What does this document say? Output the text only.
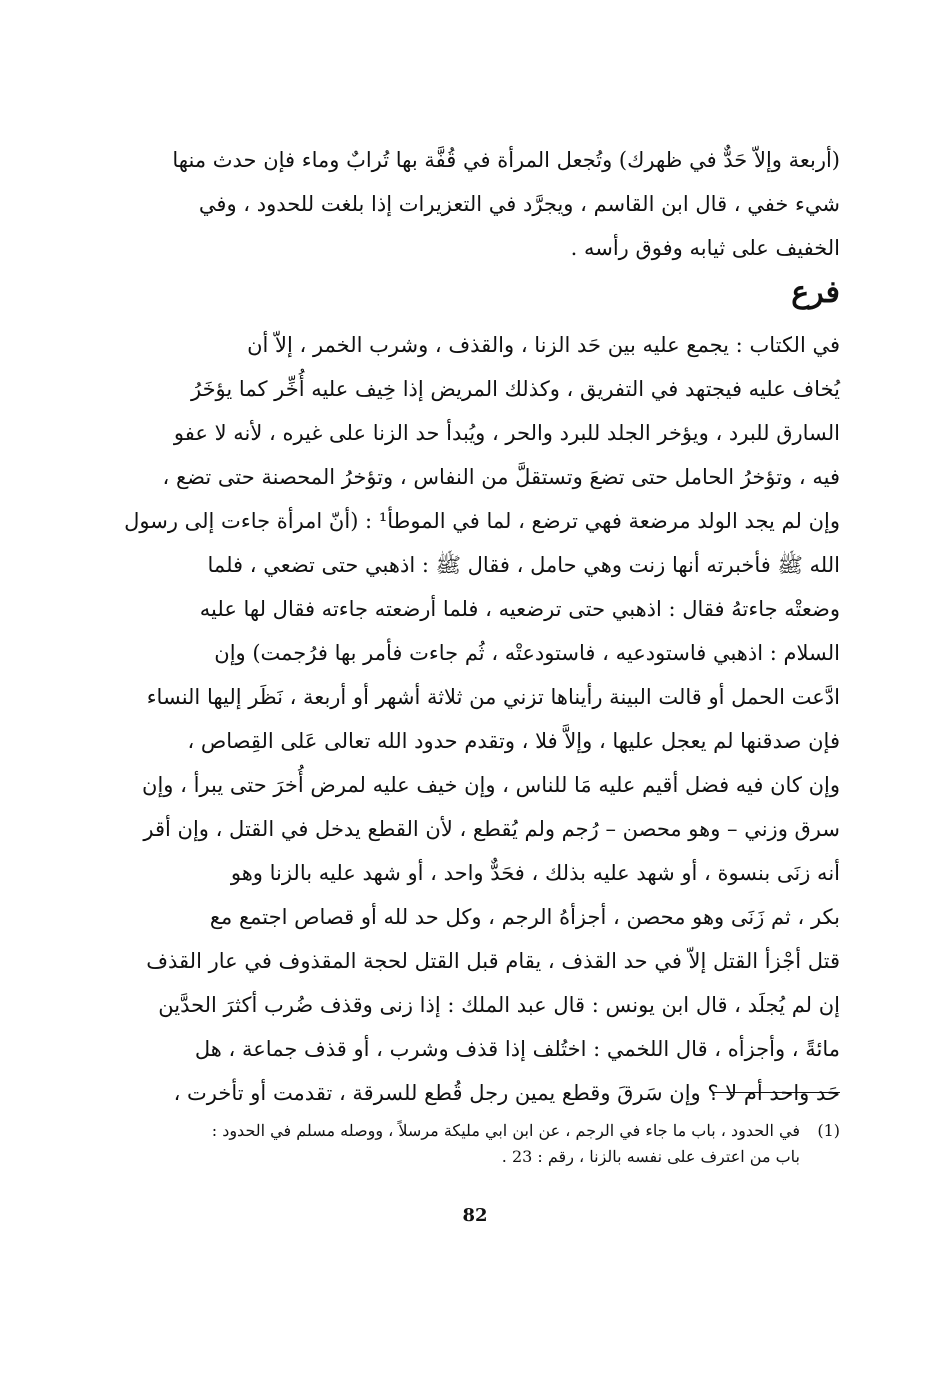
(أربعة وإلاّ حَدٌّ في ظهرك) وتُجعل المرأة في قُفَّة بها تُرابٌ وماء فإن حدث منها
شيء خفي ، قال ابن القاسم ، ويجرَّد في التعزيرات إذا بلغت للحدود ، وفي
الخفيف على ثيابه وفوق رأسه .
فرع
في الكتاب : يجمع عليه بين حَد الزنا ، والقذف ، وشرب الخمر ، إلاّ أن
يُخاف عليه فيجتهد في التفريق ، وكذلك المريض إذا خِيف عليه أُخِّر كما يؤخَرُ
السارق للبرد ، ويؤخر الجلد للبرد والحر ، ويُبدأ حد الزنا على غيره ، لأنه لا عفو
فيه ، وتؤخرُ الحامل حتى تضعَ وتستقلَّ من النفاس ، وتؤخرُ المحصنة حتى تضع ،
وإن لم يجد الولد مرضعة فهي ترضع ، لما في الموطأ¹ : (أنّ امرأة جاءت إلى رسول
الله ﷺ فأخبرته أنها زنت وهي حامل ، فقال ﷺ : اذهبي حتى تضعي ، فلما
وضعتْه جاءتهُ فقال : اذهبي حتى ترضعيه ، فلما أرضعته جاءته فقال لها عليه
السلام : اذهبي فاستودعيه ، فاستودعتْه ، ثُم جاءت فأمر بها فرُجمت) وإن
ادَّعت الحمل أو قالت البينة رأيناها تزني من ثلاثة أشهر أو أربعة ، نَظَر إليها النساء
فإن صدقنها لم يعجل عليها ، وإلاَّ فلا ، وتقدم حدود الله تعالى عَلى القِصاص ،
وإن كان فيه فضل أقيم عليه مَا للناس ، وإن خيف عليه لمرض أُخرَ حتى يبرأ ، وإن
سرق وزني – وهو محصن – رُجم ولم يُقطع ، لأن القطع يدخل في القتل ، وإن أقر
أنه زنَى بنسوة ، أو شهد عليه بذلك ، فحَدٌّ واحد ، أو شهد عليه بالزنا وهو
بكر ، ثم زَنَى وهو محصن ، أجزأهُ الرجم ، وكل حد لله أو قصاص اجتمع مع
قتل أجْزأ القتل إلاّ في حد القذف ، يقام قبل القتل لحجة المقذوف في عار القذف
إن لم يُجلَد ، قال ابن يونس : قال عبد الملك : إذا زنى وقذف ضُرب أكثرَ الحدَّين
مائةً ، وأجزأه ، قال اللخمي : اختُلف إذا قذف وشرب ، أو قذف جماعة ، هل
حَد واحد أم لا ؟ وإن سَرقَ وقطع يمين رجل قُطع للسرقة ، تقدمت أو تأخرت ،
(1)في الحدود ، باب ما جاء في الرجم ، عن ابن ابي مليكة مرسلاً ، ووصله مسلم في الحدود :
باب من اعترف على نفسه بالزنا ، رقم : 23 .
82
